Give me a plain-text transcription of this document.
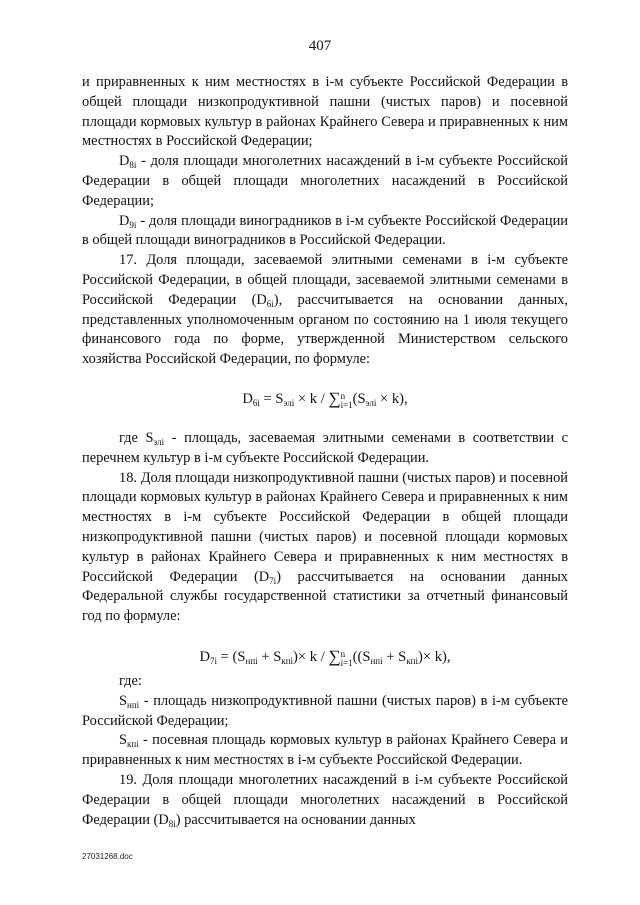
407

и приравненных к ним местностях в i-м субъекте Российской Федерации в общей площади низкопродуктивной пашни (чистых паров) и посевной площади кормовых культур в районах Крайнего Севера и приравненных к ним местностях в Российской Федерации;

$D_{8i}$ - доля площади многолетних насаждений в i-м субъекте Российской Федерации в общей площади многолетних насаждений в Российской Федерации;

$D_{9i}$ - доля площади виноградников в i-м субъекте Российской Федерации в общей площади виноградников в Российской Федерации.

17. Доля площади, засеваемой элитными семенами в i-м субъекте Российской Федерации, в общей площади, засеваемой элитными семенами в Российской Федерации $(D_{6i})$, рассчитывается на основании данных, представленных уполномоченным органом по состоянию на 1 июля текущего финансового года по форме, утвержденной Министерством сельского хозяйства Российской Федерации, по формуле:

$D_{6i} = S_{элi} \times k$ / ∑ n
i=1 $(S_{элi} \times k)$,

где $S_{элi}$ - площадь, засеваемая элитными семенами в соответствии с перечнем культур в i-м субъекте Российской Федерации.

18. Доля площади низкопродуктивной пашни (чистых паров) и посевной площади кормовых культур в районах Крайнего Севера и приравненных к ним местностях в i-м субъекте Российской Федерации в общей площади низкопродуктивной пашни (чистых паров) и посевной площади кормовых культур в районах Крайнего Севера и приравненных к ним местностях в Российской Федерации $(D_{7i})$ рассчитывается на основании данных Федеральной службы государственной статистики за отчетный финансовый год по формуле:

$D_{7i} = (S_{нпi} + S_{кпi})\times k$ / ∑ n
i=1 $((S_{нпi} + S_{кпi})\times k)$,

где:

$S_{нпi}$ - площадь низкопродуктивной пашни (чистых паров) в i-м субъекте Российской Федерации;

$S_{кпi}$ - посевная площадь кормовых культур в районах Крайнего Севера и приравненных к ним местностях в i-м субъекте Российской Федерации.

19. Доля площади многолетних насаждений в i-м субъекте Российской Федерации в общей площади многолетних насаждений в Российской Федерации $(D_{8i})$ рассчитывается на основании данных

27031268.doc
